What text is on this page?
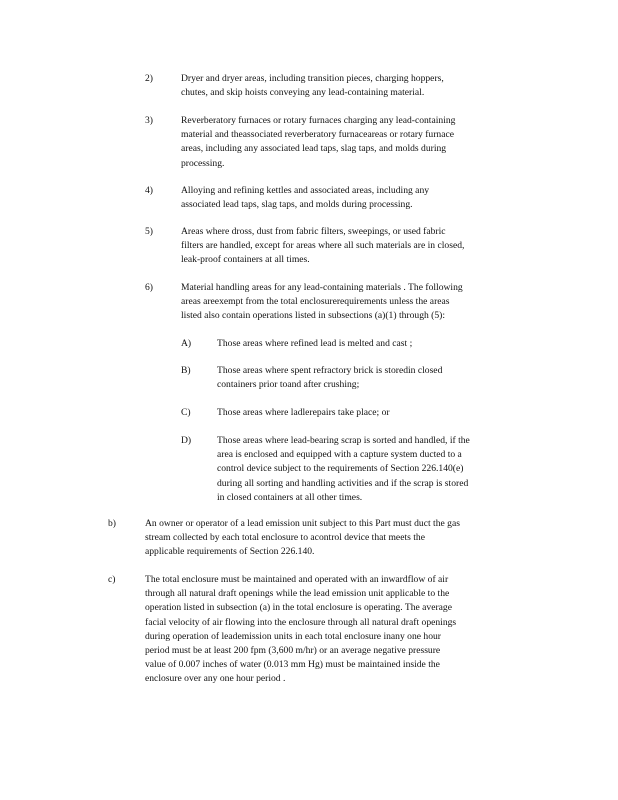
2)	Dryer and dryer areas, including transition pieces, charging hoppers,
chutes, and skip hoists conveying any lead-containing material.
3)	Reverberatory furnaces or rotary furnaces charging any lead-containing
material and theassociated reverberatory furnaceareas or rotary furnace
areas, including any associated lead taps, slag taps, and molds during
processing.
4)	Alloying and refining kettles and associated areas, including any
associated lead taps, slag taps, and molds during processing.
5)	Areas where dross, dust from fabric filters, sweepings, or used fabric
filters are handled, except for areas where all such materials are in closed,
leak-proof containers at all times.
6)	Material handling areas for any lead-containing materials . The following
areas areexempt from the total enclosurerequirements unless the areas
listed also contain operations listed in subsections (a)(1) through (5):
A)	Those areas where refined lead is melted and cast ;
B)	Those areas where spent refractory brick is storedin closed
containers prior toand after crushing;
C)	Those areas where ladlerepairs take place; or
D)	Those areas where lead-bearing scrap is sorted and handled, if the
area is enclosed and equipped with a capture system ducted to a
control device subject to the requirements of Section 226.140(e)
during all sorting and handling activities and if the scrap is stored
in closed containers at all other times.
b)	An owner or operator of a lead emission unit subject to this Part must duct the gas
stream collected by each total enclosure to acontrol device that meets the
applicable requirements of Section 226.140.
c)	The total enclosure must be maintained and operated with an inwardflow of air
through all natural draft openings while the lead emission unit applicable to the
operation listed in subsection (a) in the total enclosure is operating. The average
facial velocity of air flowing into the enclosure through all natural draft openings
during operation of leademission units in each total enclosure inany one hour
period must be at least 200 fpm (3,600 m/hr) or an average negative pressure
value of 0.007 inches of water (0.013 mm Hg) must be maintained inside the
enclosure over any one hour period .
